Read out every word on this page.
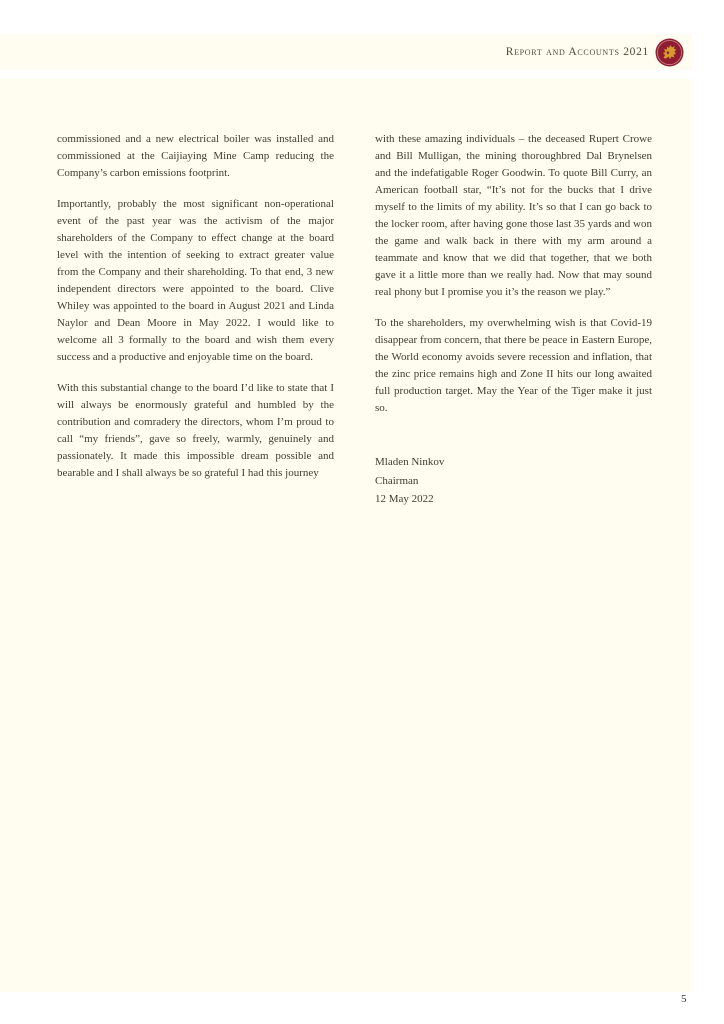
Report and Accounts 2021

commissioned and a new electrical boiler was installed and commissioned at the Caijiaying Mine Camp reducing the Company’s carbon emissions footprint.

Importantly, probably the most significant non-operational event of the past year was the activism of the major shareholders of the Company to effect change at the board level with the intention of seeking to extract greater value from the Company and their shareholding. To that end, 3 new independent directors were appointed to the board. Clive Whiley was appointed to the board in August 2021 and Linda Naylor and Dean Moore in May 2022. I would like to welcome all 3 formally to the board and wish them every success and a productive and enjoyable time on the board.

With this substantial change to the board I’d like to state that I will always be enormously grateful and humbled by the contribution and comradery the directors, whom I’m proud to call “my friends”, gave so freely, warmly, genuinely and passionately. It made this impossible dream possible and bearable and I shall always be so grateful I had this journey

with these amazing individuals – the deceased Rupert Crowe and Bill Mulligan, the mining thoroughbred Dal Brynelsen and the indefatigable Roger Goodwin. To quote Bill Curry, an American football star, “It’s not for the bucks that I drive myself to the limits of my ability. It’s so that I can go back to the locker room, after having gone those last 35 yards and won the game and walk back in there with my arm around a teammate and know that we did that together, that we both gave it a little more than we really had. Now that may sound real phony but I promise you it’s the reason we play.”

To the shareholders, my overwhelming wish is that Covid-19 disappear from concern, that there be peace in Eastern Europe, the World economy avoids severe recession and inflation, that the zinc price remains high and Zone II hits our long awaited full production target. May the Year of the Tiger make it just so.

Mladen Ninkov
Chairman
12 May 2022
5
